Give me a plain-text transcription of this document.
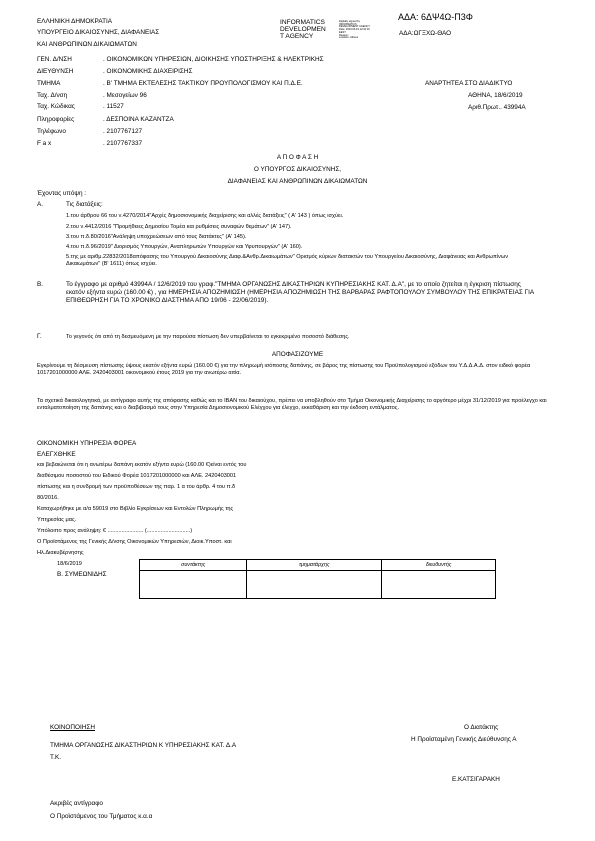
ΕΛΛΗΝΙΚΗ ΔΗΜΟΚΡΑΤΙΑ
ΥΠΟΥΡΓΕΙΟ ΔΙΚΑΙΟΣΥΝΗΣ, ΔΙΑΦΑΝΕΙΑΣ
ΚΑΙ ΑΝΘΡΩΠΙΝΩΝ ΔΙΚΑΙΩΜΑΤΩΝ
INFORMATICS
DEVELOPMEN
T AGENCY
Digitally signed by
INFORMATICS
DEVELOPMENT AGENCY
Date: 2019.06.19 12:10:16
EEST
Reason:
Location: Athens
ΑΔΑ: 6ΔΨ4Ω-Π3Φ
ΑΔΑ:ΩΓΞΧΩ-ΘΑΟ
ΓΕΝ. Δ/ΝΣΗ	. ΟΙΚΟΝΟΜΙΚΩΝ ΥΠΗΡΕΣΙΩΝ, ΔΙΟΙΚΗΣΗΣ ΥΠΟΣΤΗΡΙΞΗΣ & ΗΛΕΚΤΡΙΚΗΣ
ΔΙΕΥΘΥΝΣΗ	. ΟΙΚΟΝΟΜΙΚΗΣ ΔΙΑΧΕΙΡΙΣΗΣ
ΤΜΗΜΑ	. Β' ΤΜΗΜΑ ΕΚΤΕΛΕΣΗΣ ΤΑΚΤΙΚΟΥ ΠΡΟΥΠΟΛΟΓΙΣΜΟΥ ΚΑΙ Π.Δ.Ε.
Ταχ. Δ/νση	. Μεσογείων 96
Ταχ. Κώδικας	. 11527
Πληροφορίες	. ΔΕΣΠΟΙΝΑ ΚΑΖΑΝΤΖΑ
Τηλέφωνο	. 2107767127
F a x	. 2107767337
ΑΝΑΡΤΗΤΕΑ ΣΤΟ ΔΙΑΔΙΚΤΥΟ
ΑΘΗΝΑ, 18/6/2019
Αριθ.Πρωτ.. 43994Α
Α Π Ο Φ Α Σ Η
Ο ΥΠΟΥΡΓΟΣ ΔΙΚΑΙΟΣΥΝΗΣ,
ΔΙΑΦΑΝΕΙΑΣ ΚΑΙ ΑΝΘΡΩΠΙΝΩΝ ΔΙΚΑΙΩΜΑΤΩΝ
Έχοντας υπόψη :
Α.	Τις διατάξεις:
1.του άρθρου 66 του ν.4270/2014"Αρχές δημοσιονομικής διαχείρισης και αλλές διατάξεις" ( Α' 143 ) όπως ισχύει.
2.του ν.4412/2016 "Προμήθειες Δημοσίου Τομέα και ρυθμίσεις συναφών θεμάτων" (Α' 147).
3.του π.δ.80/2016"Ανάληψη υποχρεώσεων από τους διατάκτες" (Α' 145).
4.του π.δ.96/2019" Διορισμός Υπουργών, Αναπληρωτών Υπουργών και Υφυπουργών" (Α' 160).
5.της με αριθμ.22832/2018απόφασης του Υπουργού Δικαιοσύνης Διαφ.&Ανθρ.Δικαιωμάτων" Ορισμός κύριων διατακτών του Υπουργείου Δικαιοσύνης, Διαφάνειας και Ανθρωπίνων Δικαιωμάτων" (Β' 1611) όπως ισχύει.
Β.	Το έγγραφο με αριθμό 43994Α / 12/6/2019 του γραφ."ΤΜΗΜΑ ΟΡΓΑΝΩΣΗΣ ΔΙΚΑΣΤΗΡΙΩΝ ΚΥΠΗΡΕΣΙΑΚΗΣ ΚΑΤ. Δ.Α", με το οποίο ζητείται η έγκριση πίστωσης εκατόν εξήντα ευρώ (160.00 €) , για ΗΜΕΡΗΣΙΑ ΑΠΟΖΗΜΙΩΣΗ (ΗΜΕΡΗΣΙΑ ΑΠΟΖΗΜΙΩΣΗ ΤΗΣ ΒΑΡΒΑΡΑΣ ΡΑΦΤΟΠΟΥΛΟΥ ΣΥΜΒΟΥΛΟΥ ΤΗΣ ΕΠΙΚΡΑΤΕΙΑΣ ΓΙΑ ΕΠΙΘΕΩΡΗΣΗ ΓΙΑ ΤΟ ΧΡΟΝΙΚΟ ΔΙΑΣΤΗΜΑ ΑΠΟ 19/06 - 22/06/2019).
Γ.	Το γεγονός ότι από τη δεσμευόμενη με την παρούσα πίστωση δεν υπερβαίνεται το εγκεκριμένο ποσοστό διάθεσης.
ΑΠΟΦΑΣΙΖΟΥΜΕ
Εγκρίνουμε τη δέσμευση πίστωσης ύψους εκατόν εξήντα ευρώ (160.00 €) για την πληρωμή ισόποσης δαπάνης, σε βάρος της πίστωσης του Προϋπολογισμού εξόδων του Υ.Δ.Δ.Α.Δ. στον ειδικό φορέα 1017201000000 ΑΛΕ. 2420403001 οικονομικού έτους 2019 για την ανωτέρω αιτία.
Τα σχετικά δικαιολογητικά, με αντίγραφο αυτής της απόφασης καθώς και το IBAN του δικαιούχου, πρέπει να υποβληθούν στο Τμήμα Οικονομικής Διαχείρισης το αργότερο μέχρι 31/12/2019 για προέλεγχο και ενταλματοποίηση της δαπάνης και ο διαβιβασμό τους στην Υπηρεσία Δημοσιονομικού Ελέγχου για έλεγχο, εκκαθάριση και την έκδοση εντάλματος.
ΟΙΚΟΝΟΜΙΚΗ ΥΠΗΡΕΣΙΑ ΦΟΡΕΑ
ΕΛΕΓΧΘΗΚΕ
και βεβαιώνεται ότι η ανωτέρω δαπάνη εκατόν εξήντα ευρώ (160.00 €)είναι εντός του
διαθέσιμου ποσοστού του Ειδικού Φορέα 1017201000000 και ΑΛΕ. 2420403001
πίστωσης και η συνδρομή των προϋποθέσεων της παρ. 1 α του άρθρ. 4 του π.δ
80/2016.
Καταχωρήθηκε με α/α 59019 στο Βιβλίο Εγκρίσεων και Εντολών Πληρωμής της
Υπηρεσίας μας.
Υπόλοιπο προς ανάληψη: € ....................... (............................)
Ο Προϊστάμενος της Γενικής Δ/νσης Οικονομικών Υπηρεσιών, Διοικ.Υποστ. και
Ηλ.Διακυβέρνησης
18/6/2019
Β. ΣΥΜΕΩΝΙΔΗΣ
συντάκτης	τμηματάρχης	διευθυντής

ΚΟΙΝΟΠΟΙΗΣΗ
ΤΜΗΜΑ ΟΡΓΑΝΩΣΗΣ ΔΙΚΑΣΤΗΡΙΩΝ Κ ΥΠΗΡΕΣΙΑΚΗΣ ΚΑΤ. Δ.Α
Τ.Κ.
Ο Διατάκτης
Η Προϊσταμένη Γενικής Διεύθυνσης Α
Ε.ΚΑΤΣΙΓΑΡΑΚΗ
Ακριβές αντίγραφο
Ο Προϊστάμενος του Τμήματος κ.α.α
